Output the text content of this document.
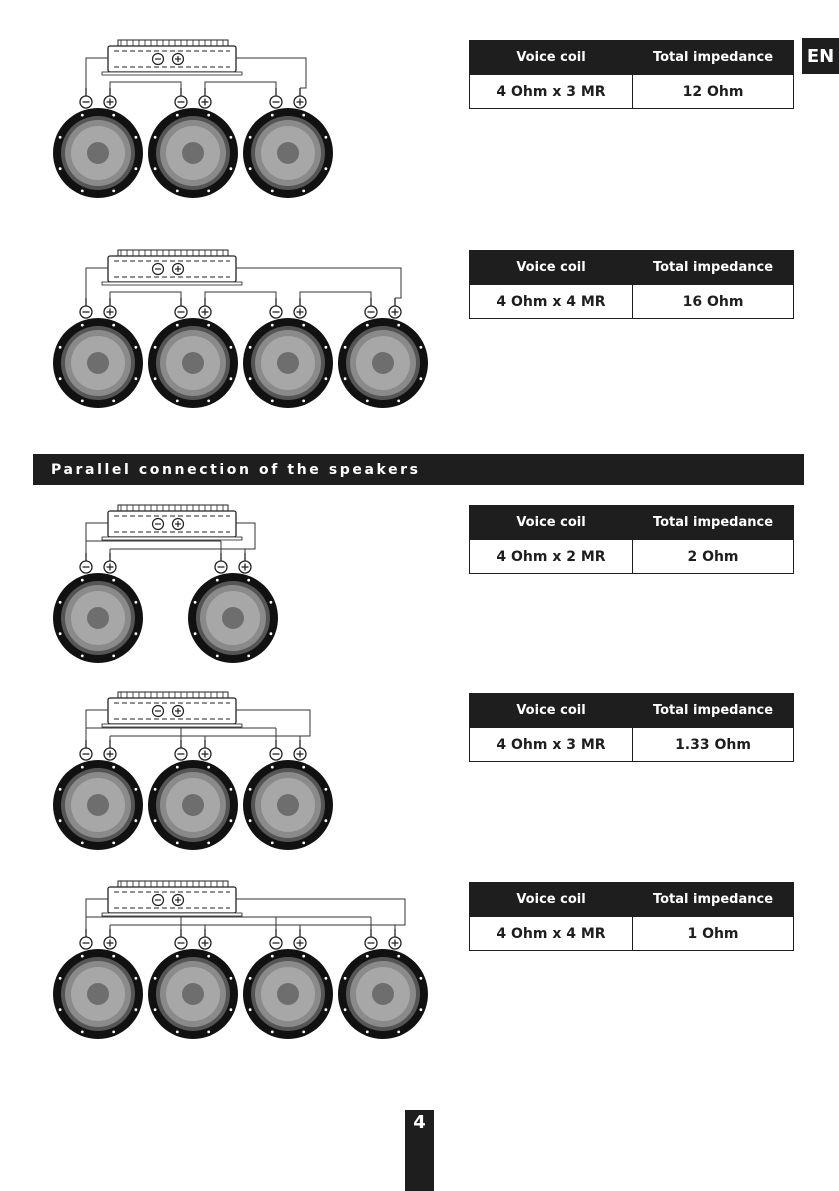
EN
Voice coil	Total impedance
4 Ohm x 3 MR	12 Ohm
Voice coil	Total impedance
4 Ohm x 4 MR	16 Ohm
Parallel connection of the speakers
Voice coil	Total impedance
4 Ohm x 2 MR	2 Ohm
Voice coil	Total impedance
4 Ohm x 3 MR	1.33 Ohm
Voice coil	Total impedance
4 Ohm x 4 MR	1 Ohm
4
